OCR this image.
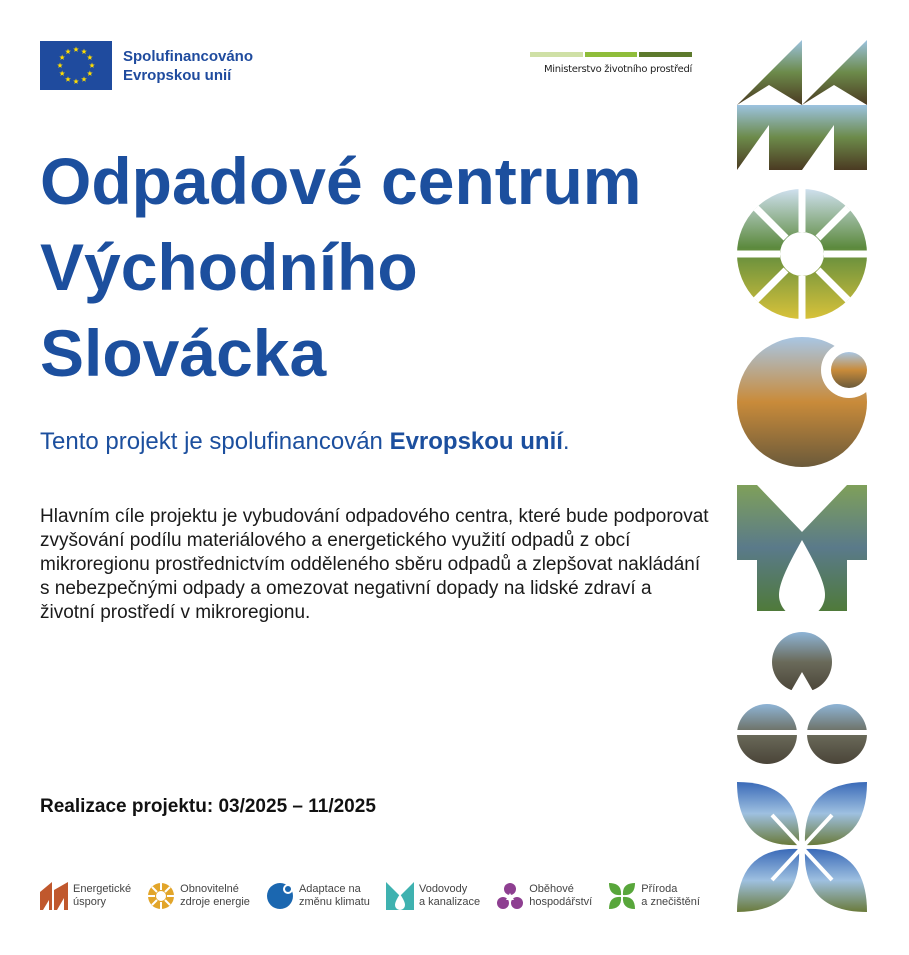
Spolufinancováno
Evropskou unií	Ministerstvo životního prostředí
Odpadové centrum
Východního
Slovácka

Tento projekt je spolufinancován Evropskou unií.

Hlavním cíle projektu je vybudování odpadového centra, které bude podporovat zvyšování podílu materiálového a energetického využití odpadů z obcí mikroregionu prostřednictvím odděleného sběru odpadů a zlepšovat nakládání s nebezpečnými odpady a omezovat negativní dopady na lidské zdraví a životní prostředí v mikroregionu.

Realizace projektu: 03/2025 – 11/2025

Energetické
úspory
Obnovitelné
zdroje energie
Adaptace na
změnu klimatu
Vodovody
a kanalizace
Oběhové
hospodářství
Příroda
a znečištění
